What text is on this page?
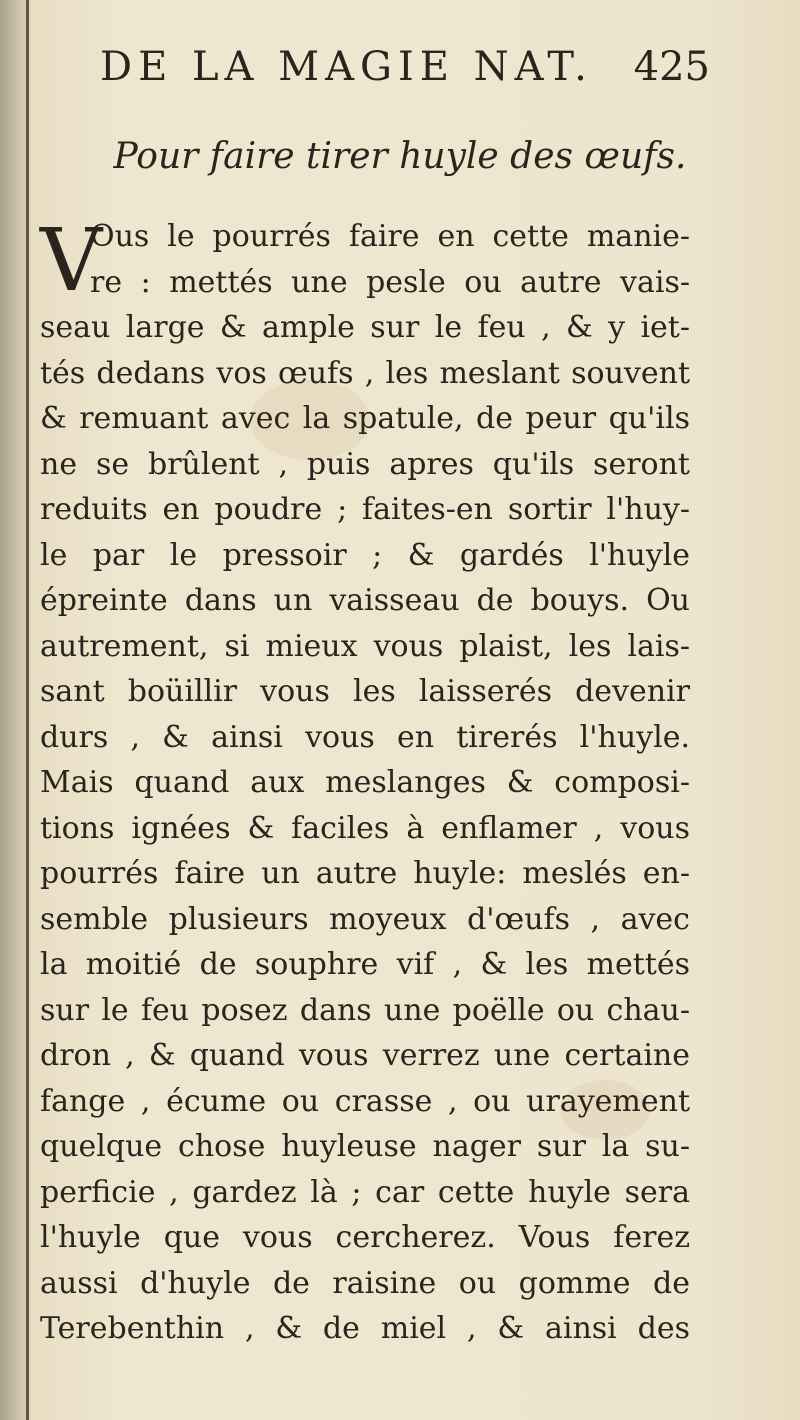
DE LA MAGIE NAT. 425
Pour faire tirer huyle des œufs.
V
Ous le pourrés faire en cette manie-
re : mettés une pesle ou autre vais-
seau large & ample sur le feu , & y iet-
tés dedans vos œufs , les meslant souvent
& remuant avec la spatule, de peur qu'ils
ne se brûlent , puis apres qu'ils seront
reduits en poudre ; faites-en sortir l'huy-
le par le pressoir ; & gardés l'huyle
épreinte dans un vaisseau de bouys. Ou
autrement, si mieux vous plaist, les lais-
sant boüillir vous les laisserés devenir
durs , & ainsi vous en tirerés l'huyle.
Mais quand aux meslanges & composi-
tions ignées & faciles à enflamer , vous
pourrés faire un autre huyle: meslés en-
semble plusieurs moyeux d'œufs , avec
la moitié de souphre vif , & les mettés
sur le feu posez dans une poëlle ou chau-
dron , & quand vous verrez une certaine
fange , écume ou crasse , ou urayement
quelque chose huyleuse nager sur la su-
perficie , gardez là ; car cette huyle sera
l'huyle que vous cercherez. Vous ferez
aussi d'huyle de raisine ou gomme de
Terebenthin , & de miel , & ainsi des
